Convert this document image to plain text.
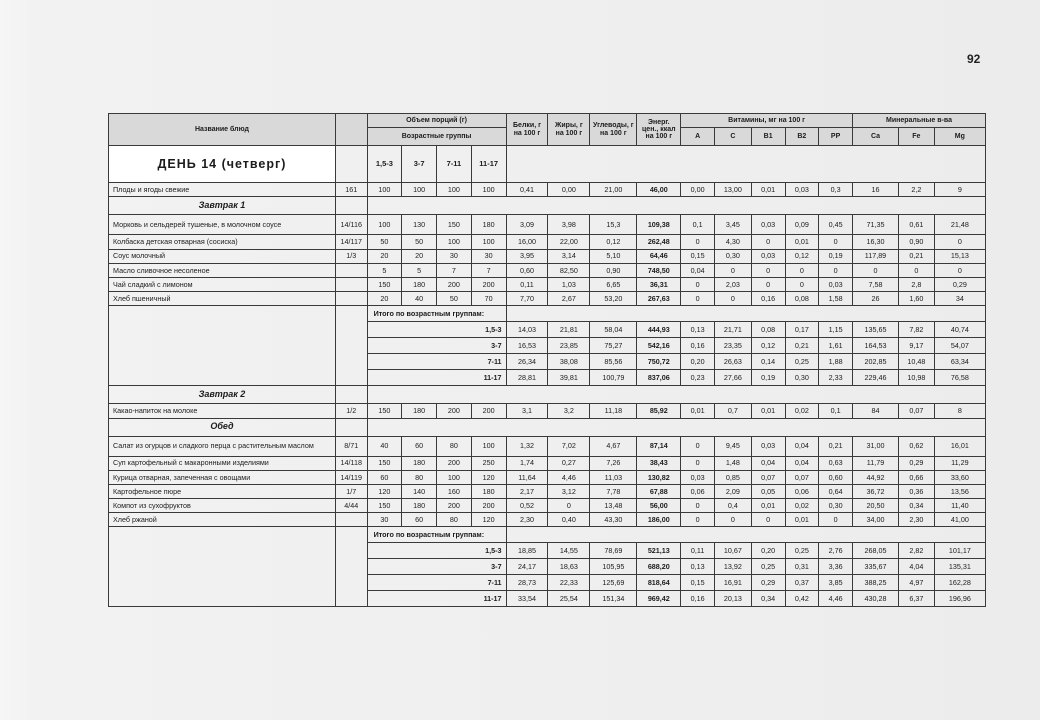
92
Название блюд		Объем порций (г)				Белки, г на 100 г	Жиры, г на 100 г	Углеводы, г на 100 г	Энерг. цен., ккал на 100 г	Витамины, мг на 100 г					Минеральные в-ва		
		Возрастные группы								А	С	В1	В2	РР	Са	Fe	Mg
ДЕНЬ 14 (четверг)		1,5-3	3-7	7-11	11-17												
Плоды и ягоды свежие	161	100	100	100	100	0,41	0,00	21,00	46,00	0,00	13,00	0,01	0,03	0,3	16	2,2	9
Завтрак 1																	
Морковь и сельдерей тушеные, в молочном соусе	14/116	100	130	150	180	3,09	3,98	15,3	109,38	0,1	3,45	0,03	0,09	0,45	71,35	0,61	21,48
Колбаска детская отварная (сосиска)	14/117	50	50	100	100	16,00	22,00	0,12	262,48	0	4,30	0	0,01	0	16,30	0,90	0
Соус молочный	1/3	20	20	30	30	3,95	3,14	5,10	64,46	0,15	0,30	0,03	0,12	0,19	117,89	0,21	15,13
Масло сливочное несоленое		5	5	7	7	0,60	82,50	0,90	748,50	0,04	0	0	0	0	0	0	0
Чай сладкий с лимоном		150	180	200	200	0,11	1,03	6,65	36,31	0	2,03	0	0	0,03	7,58	2,8	0,29
Хлеб пшеничный		20	40	50	70	7,70	2,67	53,20	267,63	0	0	0,16	0,08	1,58	26	1,60	34
		Итого по возрастным группам:															
		1,5-3				14,03	21,81	58,04	444,93	0,13	21,71	0,08	0,17	1,15	135,65	7,82	40,74
		3-7				16,53	23,85	75,27	542,16	0,16	23,35	0,12	0,21	1,61	164,53	9,17	54,07
		7-11				26,34	38,08	85,56	750,72	0,20	26,63	0,14	0,25	1,88	202,85	10,48	63,34
		11-17				28,81	39,81	100,79	837,06	0,23	27,66	0,19	0,30	2,33	229,46	10,98	76,58
Завтрак 2																	
Какао-напиток на молоке	1/2	150	180	200	200	3,1	3,2	11,18	85,92	0,01	0,7	0,01	0,02	0,1	84	0,07	8
Обед																	
Салат из огурцов и сладкого перца с растительным маслом	8/71	40	60	80	100	1,32	7,02	4,67	87,14	0	9,45	0,03	0,04	0,21	31,00	0,62	16,01
Суп картофельный с макаронными изделиями	14/118	150	180	200	250	1,74	0,27	7,26	38,43	0	1,48	0,04	0,04	0,63	11,79	0,29	11,29
Курица отварная, запеченная с овощами	14/119	60	80	100	120	11,64	4,46	11,03	130,82	0,03	0,85	0,07	0,07	0,60	44,92	0,66	33,60
Картофельное пюре	1/7	120	140	160	180	2,17	3,12	7,78	67,88	0,06	2,09	0,05	0,06	0,64	36,72	0,36	13,56
Компот из сухофруктов	4/44	150	180	200	200	0,52	0	13,48	56,00	0	0,4	0,01	0,02	0,30	20,50	0,34	11,40
Хлеб ржаной		30	60	80	120	2,30	0,40	43,30	186,00	0	0	0	0,01	0	34,00	2,30	41,00
		Итого по возрастным группам:															
		1,5-3				18,85	14,55	78,69	521,13	0,11	10,67	0,20	0,25	2,76	268,05	2,82	101,17
		3-7				24,17	18,63	105,95	688,20	0,13	13,92	0,25	0,31	3,36	335,67	4,04	135,31
		7-11				28,73	22,33	125,69	818,64	0,15	16,91	0,29	0,37	3,85	388,25	4,97	162,28
		11-17				33,54	25,54	151,34	969,42	0,16	20,13	0,34	0,42	4,46	430,28	6,37	196,96
